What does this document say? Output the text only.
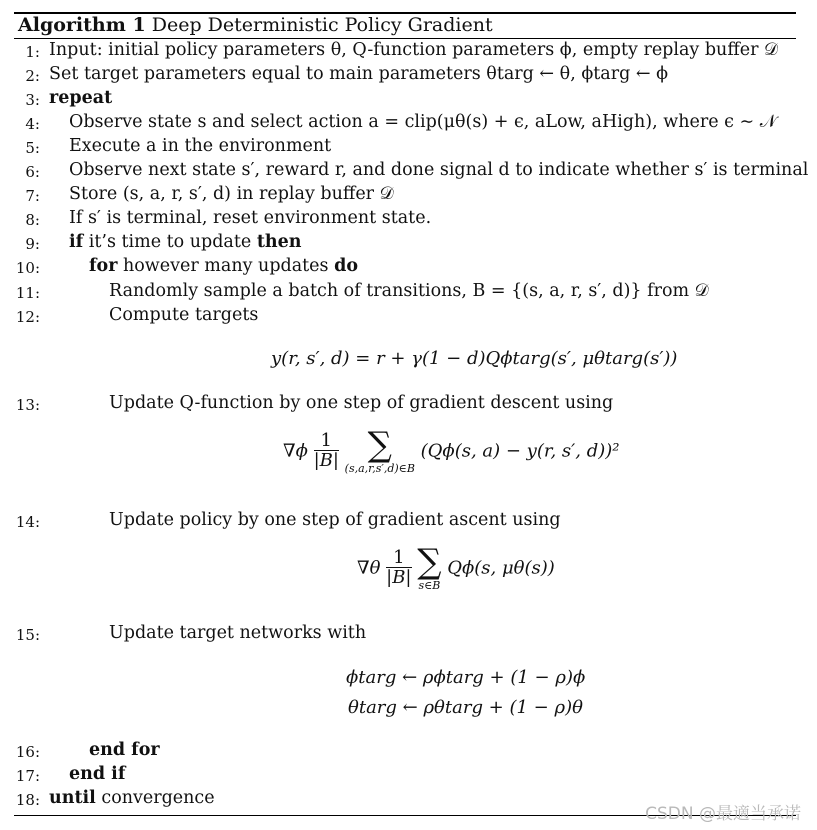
Algorithm 1 Deep Deterministic Policy Gradient
1:
2:
3:
4:
5:
6:
7:
8:
9:
10:
11:
12:
13:
14:
15:
16:
17:
18:
Input: initial policy parameters θ, Q-function parameters ϕ, empty replay buffer 𝒟
Set target parameters equal to main parameters θtarg ← θ, ϕtarg ← ϕ
repeat
Observe state s and select action a = clip(μθ(s) + ϵ, aLow, aHigh), where ϵ ∼ 𝒩
Execute a in the environment
Observe next state s′, reward r, and done signal d to indicate whether s′ is terminal
Store (s, a, r, s′, d) in replay buffer 𝒟
If s′ is terminal, reset environment state.
if it’s time to update then
for however many updates do
Randomly sample a batch of transitions, B = {(s, a, r, s′, d)} from 𝒟
Compute targets
y(r, s′, d) = r + γ(1 − d)Qϕtarg(s′, μθtarg(s′))
Update Q-function by one step of gradient descent using
$\nabla\phi \frac{1}{|B|}$
∑
(s,a,r,s′,d)∈B
(Qϕ(s, a) − y(r, s′, d))²
Update policy by one step of gradient ascent using
$\nabla\theta \frac{1}{|B|}$
∑
s∈B
Qϕ(s, μθ(s))
Update target networks with
ϕtarg ← ρϕtarg + (1 − ρ)ϕ
θtarg ← ρθtarg + (1 − ρ)θ
end for
end if
until convergence
CSDN @最適当承诺
